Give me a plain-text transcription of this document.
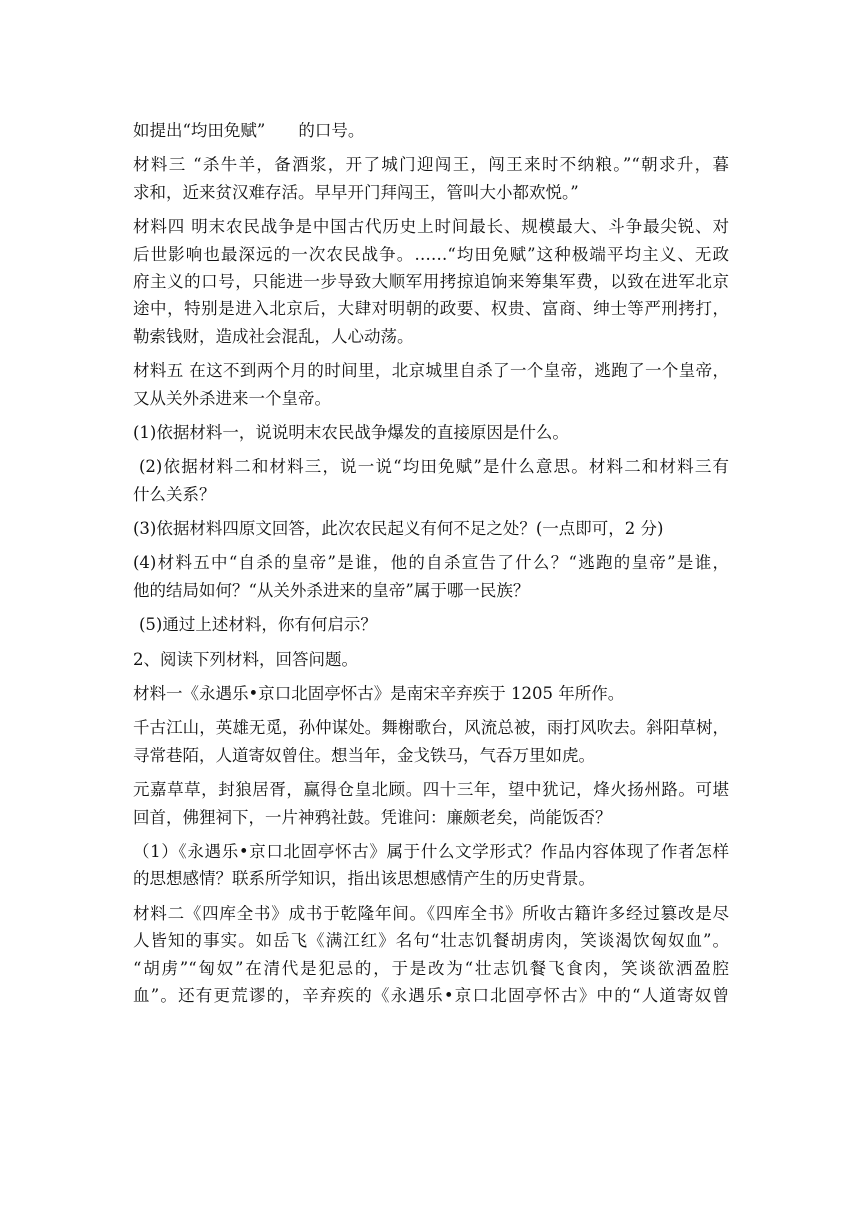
如提出“均田免赋”　　的口号。
材料三 “杀牛羊，备酒浆，开了城门迎闯王，闯王来时不纳粮。”“朝求升，暮
求和，近来贫汉难存活。早早开门拜闯王，管叫大小都欢悦。”
材料四 明末农民战争是中国古代历史上时间最长、规模最大、斗争最尖锐、对
后世影响也最深远的一次农民战争。……“均田免赋”这种极端平均主义、无政
府主义的口号，只能进一步导致大顺军用拷掠追饷来筹集军费，以致在进军北京
途中，特别是进入北京后，大肆对明朝的政要、权贵、富商、绅士等严刑拷打，
勒索钱财，造成社会混乱，人心动荡。
材料五 在这不到两个月的时间里，北京城里自杀了一个皇帝，逃跑了一个皇帝，
又从关外杀进来一个皇帝。
(1)依据材料一，说说明末农民战争爆发的直接原因是什么。
(2)依据材料二和材料三，说一说“均田免赋”是什么意思。材料二和材料三有
什么关系？
(3)依据材料四原文回答，此次农民起义有何不足之处？(一点即可，2 分)
(4)材料五中“自杀的皇帝”是谁，他的自杀宣告了什么？“逃跑的皇帝”是谁，
他的结局如何？“从关外杀进来的皇帝”属于哪一民族？
(5)通过上述材料，你有何启示？
2、阅读下列材料，回答问题。
材料一《永遇乐•京口北固亭怀古》是南宋辛弃疾于 1205 年所作。
千古江山，英雄无觅，孙仲谋处。舞榭歌台，风流总被，雨打风吹去。斜阳草树，
寻常巷陌，人道寄奴曾住。想当年，金戈铁马，气吞万里如虎。
元嘉草草，封狼居胥，赢得仓皇北顾。四十三年，望中犹记，烽火扬州路。可堪
回首，佛狸祠下，一片神鸦社鼓。凭谁问：廉颇老矣，尚能饭否？
（1）《永遇乐•京口北固亭怀古》属于什么文学形式？作品内容体现了作者怎样
的思想感情？联系所学知识，指出该思想感情产生的历史背景。
材料二《四库全书》成书于乾隆年间。《四库全书》所收古籍许多经过篡改是尽
人皆知的事实。如岳飞《满江红》名句“壮志饥餐胡虏肉，笑谈渴饮匈奴血”。
“胡虏”“匈奴”在清代是犯忌的，于是改为“壮志饥餐飞食肉，笑谈欲洒盈腔
血”。还有更荒谬的，辛弃疾的《永遇乐•京口北固亭怀古》中的“人道寄奴曾
